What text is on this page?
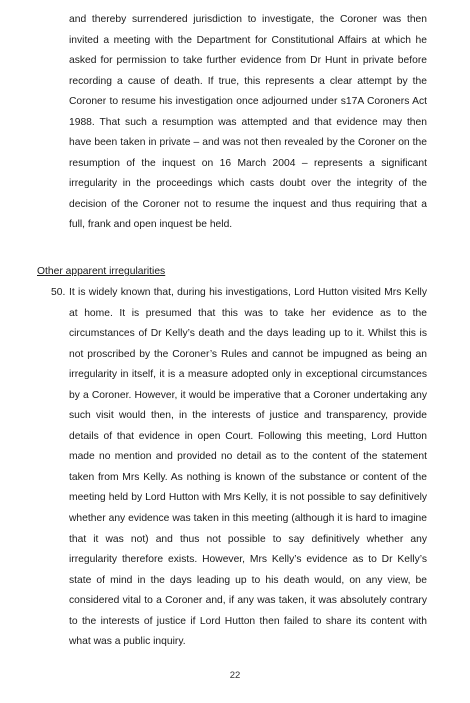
and thereby surrendered jurisdiction to investigate, the Coroner was then invited a meeting with the Department for Constitutional Affairs at which he asked for permission to take further evidence from Dr Hunt in private before recording a cause of death. If true, this represents a clear attempt by the Coroner to resume his investigation once adjourned under s17A Coroners Act 1988. That such a resumption was attempted and that evidence may then have been taken in private – and was not then revealed by the Coroner on the resumption of the inquest on 16 March 2004 – represents a significant irregularity in the proceedings which casts doubt over the integrity of the decision of the Coroner not to resume the inquest and thus requiring that a full, frank and open inquest be held.

Other apparent irregularities

50. It is widely known that, during his investigations, Lord Hutton visited Mrs Kelly at home. It is presumed that this was to take her evidence as to the circumstances of Dr Kelly’s death and the days leading up to it. Whilst this is not proscribed by the Coroner’s Rules and cannot be impugned as being an irregularity in itself, it is a measure adopted only in exceptional circumstances by a Coroner. However, it would be imperative that a Coroner undertaking any such visit would then, in the interests of justice and transparency, provide details of that evidence in open Court. Following this meeting, Lord Hutton made no mention and provided no detail as to the content of the statement taken from Mrs Kelly. As nothing is known of the substance or content of the meeting held by Lord Hutton with Mrs Kelly, it is not possible to say definitively whether any evidence was taken in this meeting (although it is hard to imagine that it was not) and thus not possible to say definitively whether any irregularity therefore exists. However, Mrs Kelly’s evidence as to Dr Kelly’s state of mind in the days leading up to his death would, on any view, be considered vital to a Coroner and, if any was taken, it was absolutely contrary to the interests of justice if Lord Hutton then failed to share its content with what was a public inquiry.

22
